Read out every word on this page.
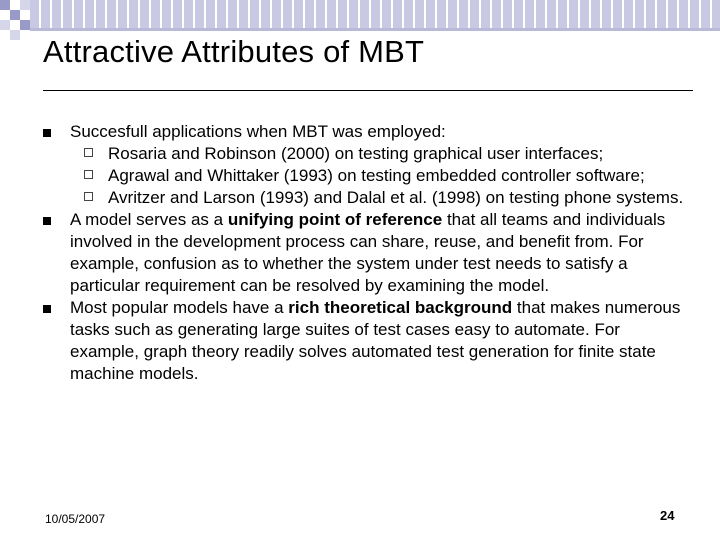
Attractive Attributes of MBT
Succesfull applications when MBT was employed:
Rosaria and Robinson (2000) on testing graphical user interfaces;
Agrawal and Whittaker (1993) on testing embedded controller software;
Avritzer and Larson (1993) and Dalal et al. (1998) on testing phone systems.
A model serves as a unifying point of reference that all teams and individuals involved in the development process can share, reuse, and benefit from. For example, confusion as to whether the system under test needs to satisfy a particular requirement can be resolved by examining the model.
Most popular models have a rich theoretical background that makes numerous tasks such as generating large suites of test cases easy to automate. For example, graph theory readily solves automated test generation for finite state machine models.
10/05/2007	24
